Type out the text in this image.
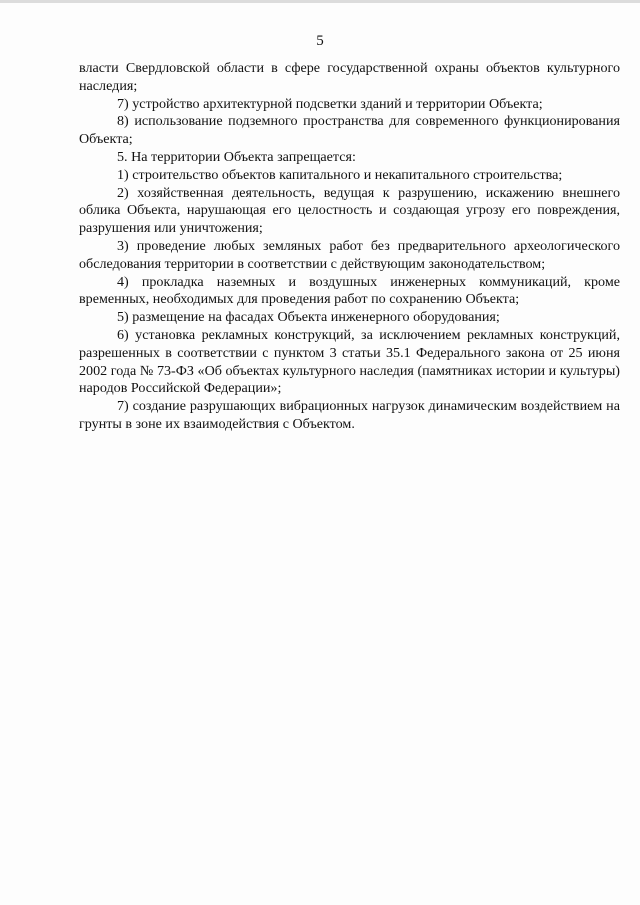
5

власти Свердловской области в сфере государственной охраны объектов культурного наследия;

7) устройство архитектурной подсветки зданий и территории Объекта;

8) использование подземного пространства для современного функционирования Объекта;

5. На территории Объекта запрещается:

1) строительство объектов капитального и некапитального строительства;

2) хозяйственная деятельность, ведущая к разрушению, искажению внешнего облика Объекта, нарушающая его целостность и создающая угрозу его повреждения, разрушения или уничтожения;

3) проведение любых земляных работ без предварительного археологического обследования территории в соответствии с действующим законодательством;

4) прокладка наземных и воздушных инженерных коммуникаций, кроме временных, необходимых для проведения работ по сохранению Объекта;

5) размещение на фасадах Объекта инженерного оборудования;

6) установка рекламных конструкций, за исключением рекламных конструкций, разрешенных в соответствии с пунктом 3 статьи 35.1 Федерального закона от 25 июня 2002 года № 73-ФЗ «Об объектах культурного наследия (памятниках истории и культуры) народов Российской Федерации»;

7) создание разрушающих вибрационных нагрузок динамическим воздействием на грунты в зоне их взаимодействия с Объектом.
